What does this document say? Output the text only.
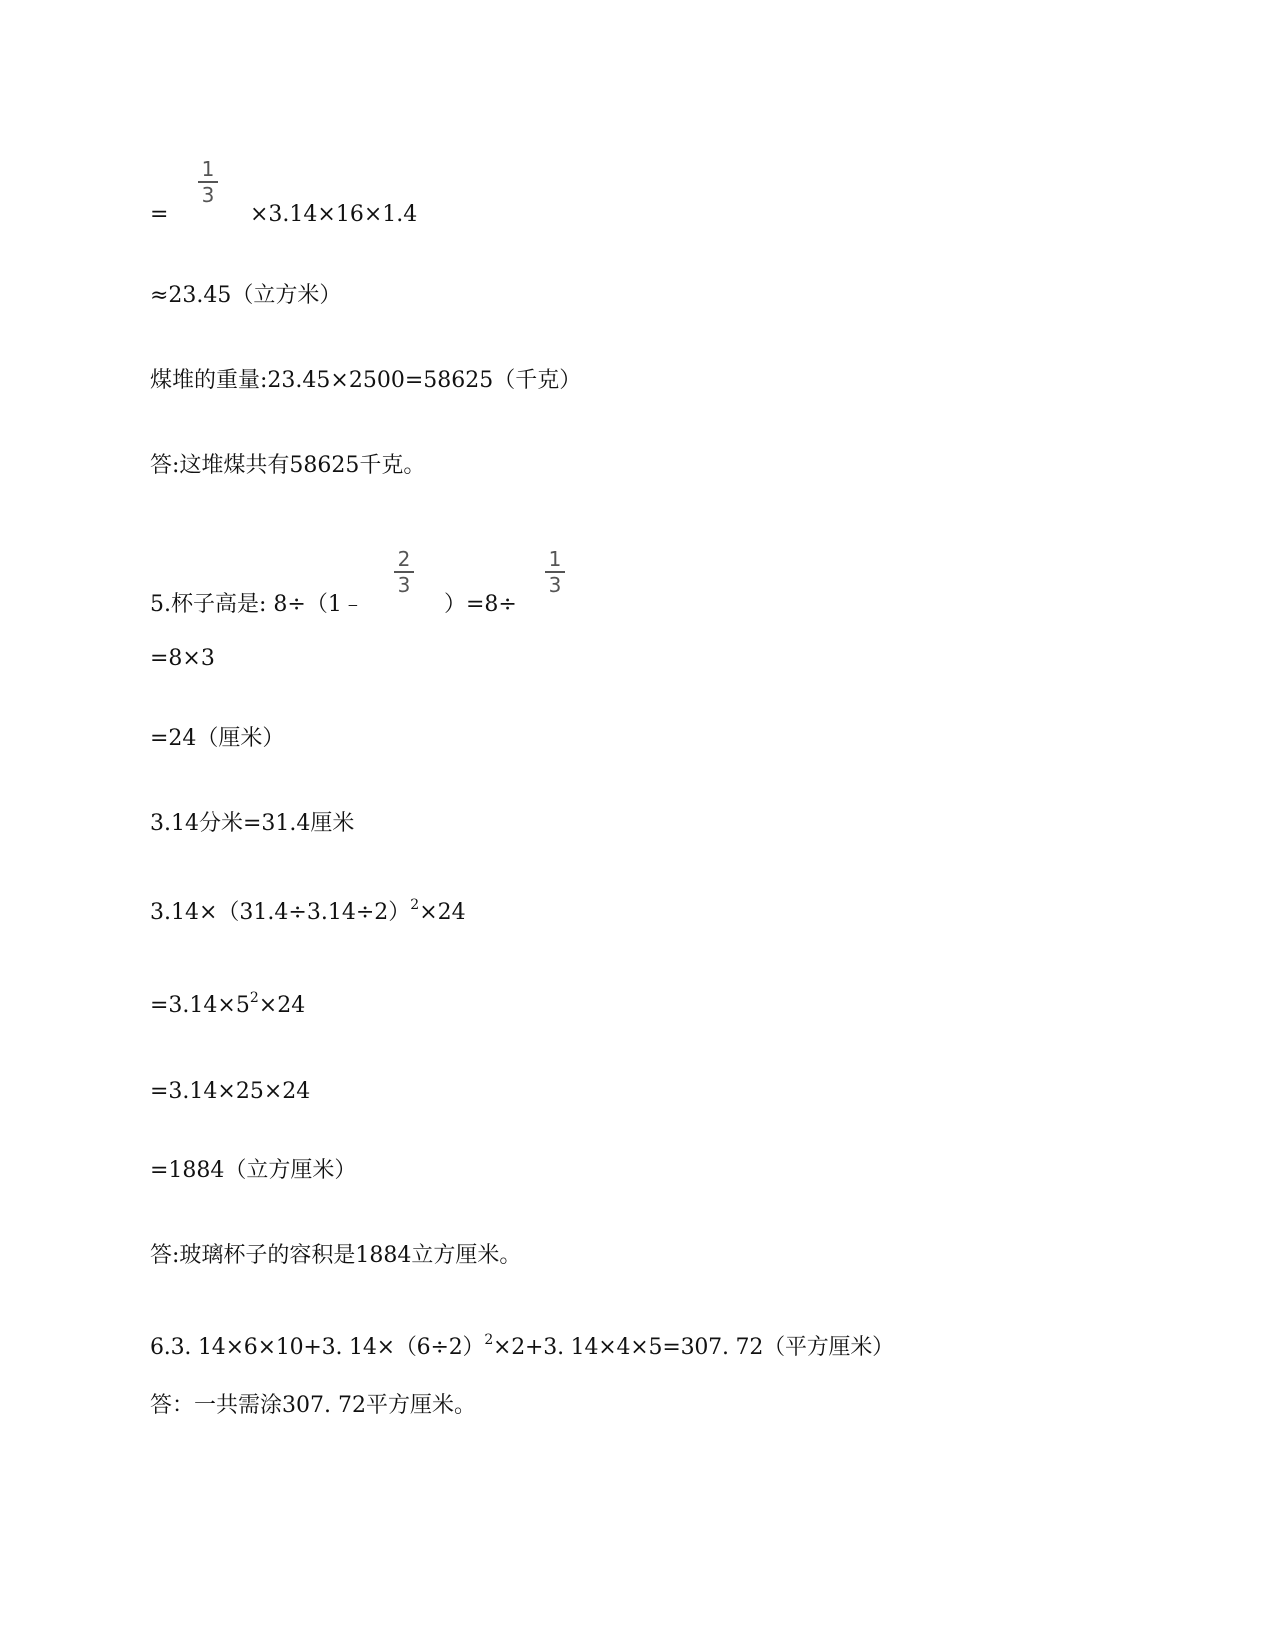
=
1
3
×3.14×16×1.4
≈23.45（立方米）
煤堆的重量:23.45×2500=58625（千克）
答:这堆煤共有58625千克。
5.杯子高是: 8÷（1﹣
2
3
）=8÷
1
3
=8×3
=24（厘米）
3.14分米=31.4厘米
$3.14\times(31.4\div 3.14\div 2)^2\times 24$
$=3.14\times 5^2\times 24$
=3.14×25×24
=1884（立方厘米）
答:玻璃杯子的容积是1884立方厘米。
6.3. 14×6×10+3. $14\times(6\div 2)^2\times 2+3$. 14×4×5=307. 72（平方厘米）
答：一共需涂307. 72平方厘米。
